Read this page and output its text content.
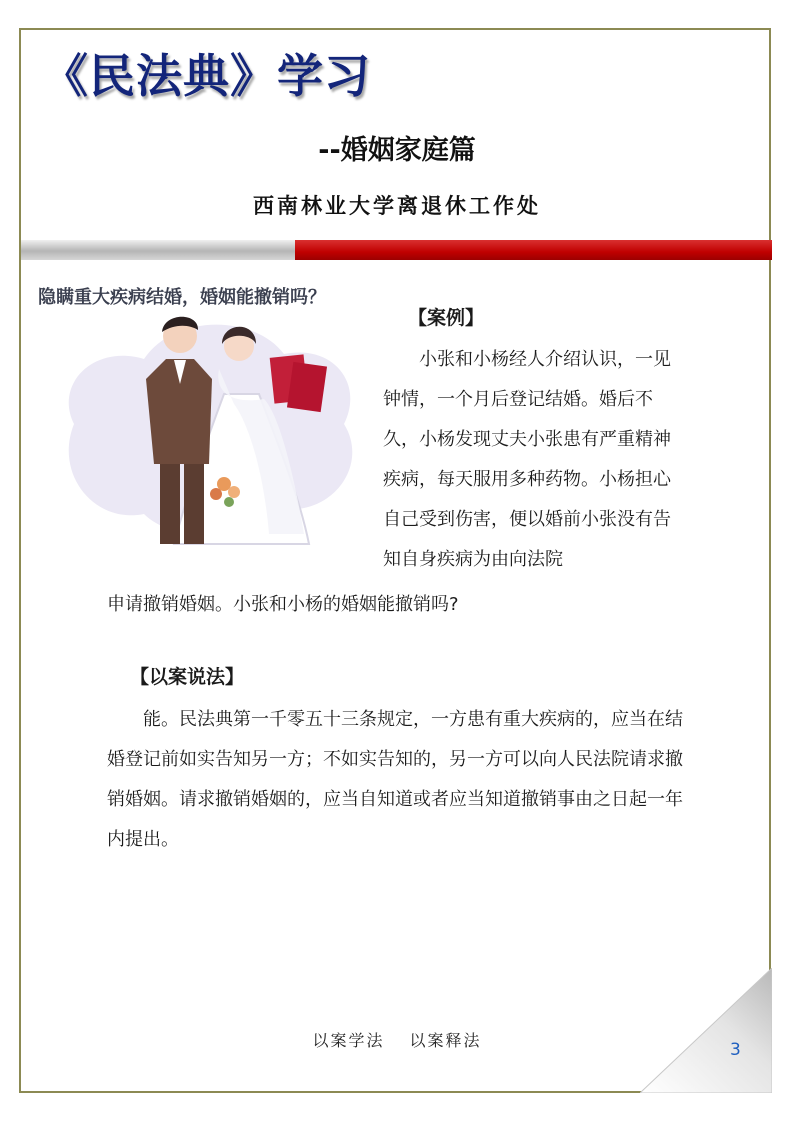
《民法典》学习
--婚姻家庭篇

西南林业大学离退休工作处

隐瞒重大疾病结婚，婚姻能撤销吗？

【案例】

小张和小杨经人介绍认识，一见钟情，一个月后登记结婚。婚后不久，小杨发现丈夫小张患有严重精神疾病，每天服用多种药物。小杨担心自己受到伤害，便以婚前小张没有告知自身疾病为由向法院

申请撤销婚姻。小张和小杨的婚姻能撤销吗?

【以案说法】

能。民法典第一千零五十三条规定，一方患有重大疾病的，应当在结婚登记前如实告知另一方；不如实告知的，另一方可以向人民法院请求撤销婚姻。请求撤销婚姻的，应当自知道或者应当知道撤销事由之日起一年内提出。

以案学法 以案释法	3
